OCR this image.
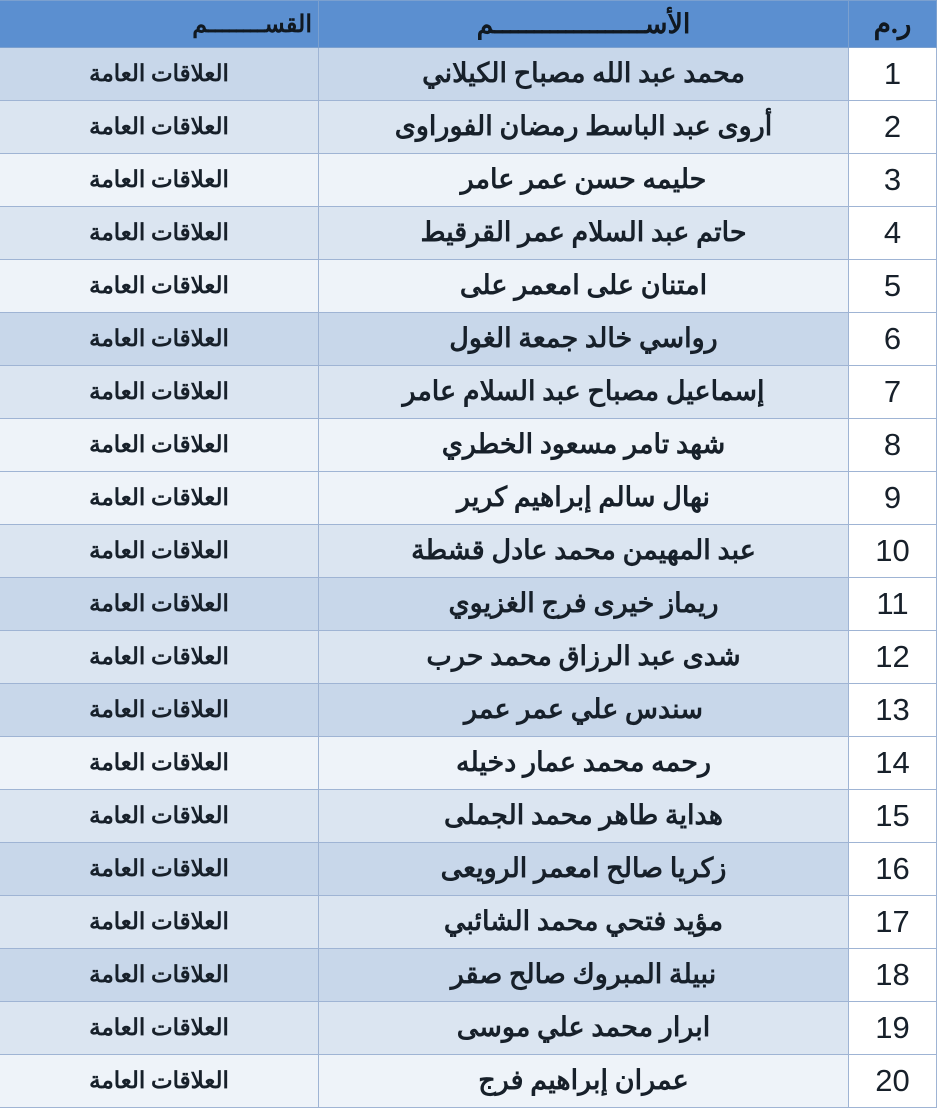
ر.م	الأســـــــــــــــــــم	القســــــــم
1	محمد عبد الله مصباح الكيلاني	العلاقات العامة
2	أروى عبد الباسط رمضان الفوراوى	العلاقات العامة
3	حليمه حسن عمر عامر	العلاقات العامة
4	حاتم عبد السلام عمر القرقيط	العلاقات العامة
5	امتنان على امعمر على	العلاقات العامة
6	رواسي خالد جمعة الغول	العلاقات العامة
7	إسماعيل مصباح عبد السلام عامر	العلاقات العامة
8	شهد تامر مسعود الخطري	العلاقات العامة
9	نهال سالم إبراهيم كرير	العلاقات العامة
10	عبد المهيمن محمد عادل قشطة	العلاقات العامة
11	ريماز خيرى فرج الغزيوي	العلاقات العامة
12	شدى عبد الرزاق محمد حرب	العلاقات العامة
13	سندس علي عمر عمر	العلاقات العامة
14	رحمه محمد عمار دخيله	العلاقات العامة
15	هداية طاهر محمد الجملى	العلاقات العامة
16	زكريا صالح امعمر الرويعى	العلاقات العامة
17	مؤيد فتحي محمد الشائبي	العلاقات العامة
18	نبيلة المبروك صالح صقر	العلاقات العامة
19	ابرار محمد علي موسى	العلاقات العامة
20	عمران إبراهيم فرج	العلاقات العامة
